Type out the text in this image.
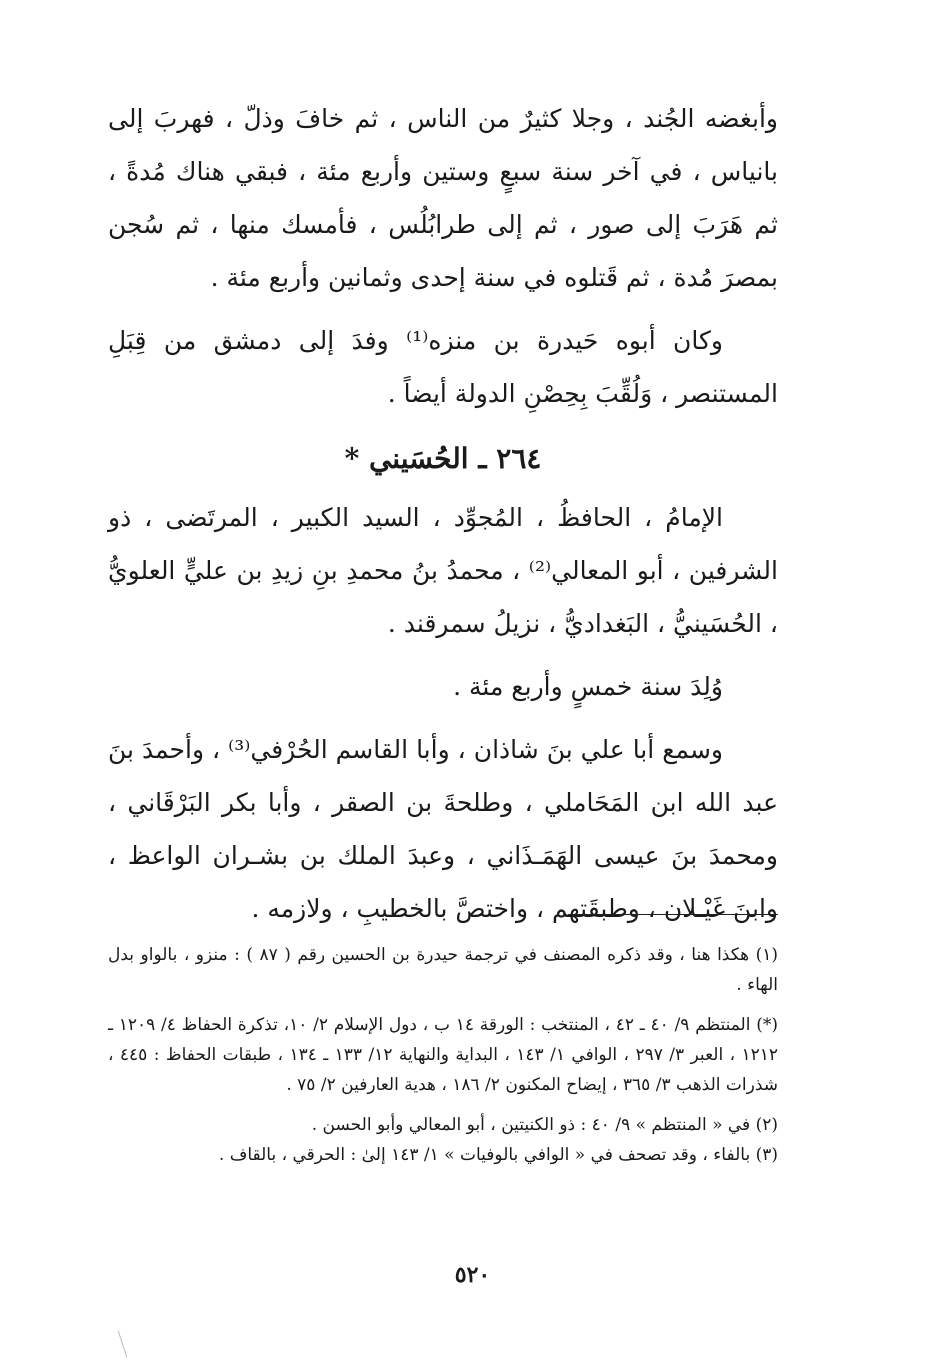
وأبغضه الجُند ، وجلا كثيرٌ من الناس ، ثم خافَ وذلّ ، فهربَ إلى بانياس ، في آخر سنة سبعٍ وستين وأربع مئة ، فبقي هناك مُدةً ، ثم هَرَبَ إلى صور ، ثم إلى طرابُلُس ، فأمسك منها ، ثم سُجن بمصرَ مُدة ، ثم قَتلوه في سنة إحدى وثمانين وأربع مئة .

وكان أبوه حَيدرة بن منزه⁽¹⁾ وفدَ إلى دمشق من قِبَلِ المستنصر ، وَلُقِّبَ بِحِصْنِ الدولة أيضاً .

٢٦٤ ـ الحُسَيني *

الإمامُ ، الحافظُ ، المُجوِّد ، السيد الكبير ، المرتَضى ، ذو الشرفين ، أبو المعالي⁽²⁾ ، محمدُ بنُ محمدِ بنِ زيدِ بن عليٍّ العلويُّ ، الحُسَينيُّ ، البَغداديُّ ، نزيلُ سمرقند .

وُلِدَ سنة خمسٍ وأربع مئة .

وسمع أبا علي بنَ شاذان ، وأبا القاسم الحُرْفي⁽³⁾ ، وأحمدَ بنَ عبد الله ابن المَحَاملي ، وطلحةَ بن الصقر ، وأبا بكر البَرْقَاني ، ومحمدَ بنَ عيسى الهَمَـذَاني ، وعبدَ الملك بن بشـران الواعظ ، وابنَ غَيْـلان ، وطبقَتهم ، واختصَّ بالخطيبِ ، ولازمه .

(١) هكذا هنا ، وقد ذكره المصنف في ترجمة حيدرة بن الحسين رقم ( ٨٧ ) : منزو ، بالواو بدل الهاء .

(*) المنتظم ٩/ ٤٠ ـ ٤٢ ، المنتخب : الورقة ١٤ ب ، دول الإسلام ٢/ ١٠، تذكرة الحفاظ ٤/ ١٢٠٩ ـ ١٢١٢ ، العبر ٣/ ٢٩٧ ، الوافي ١/ ١٤٣ ، البداية والنهاية ١٢/ ١٣٣ ـ ١٣٤ ، طبقات الحفاظ : ٤٤٥ ، شذرات الذهب ٣/ ٣٦٥ ، إيضاح المكنون ٢/ ١٨٦ ، هدية العارفين ٢/ ٧٥ .

(٢) في « المنتظم » ٩/ ٤٠ : ذو الكنيتين ، أبو المعالي وأبو الحسن .

(٣) بالفاء ، وقد تصحف في « الوافي بالوفيات » ١/ ١٤٣ إلىٰ : الحرقي ، بالقاف .

٥٢٠
